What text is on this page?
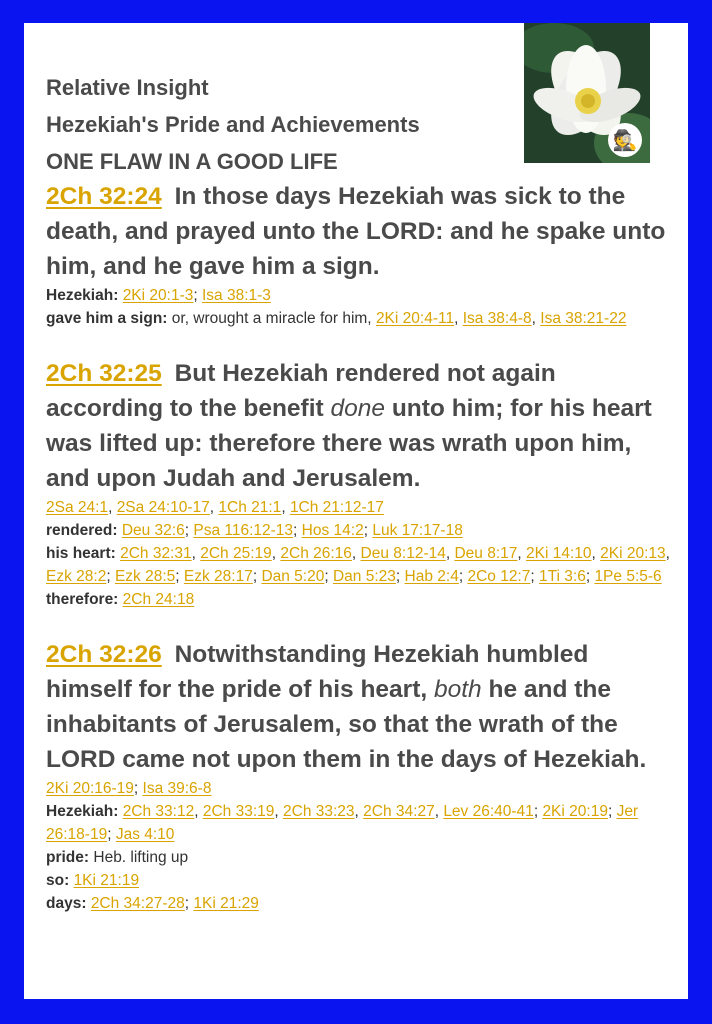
🕵
Relative Insight
Hezekiah's Pride and Achievements
ONE FLAW IN A GOOD LIFE

2Ch 32:24 In those days Hezekiah was sick to the death, and prayed unto the LORD: and he spake unto him, and he gave him a sign.

Hezekiah: 2Ki 20:1-3; Isa 38:1-3

gave him a sign: or, wrought a miracle for him, 2Ki 20:4-11, Isa 38:4-8, Isa 38:21-22

2Ch 32:25 But Hezekiah rendered not again according to the benefit done unto him; for his heart was lifted up: therefore there was wrath upon him, and upon Judah and Jerusalem.

2Sa 24:1, 2Sa 24:10-17, 1Ch 21:1, 1Ch 21:12-17

rendered: Deu 32:6; Psa 116:12-13; Hos 14:2; Luk 17:17-18

his heart: 2Ch 32:31, 2Ch 25:19, 2Ch 26:16, Deu 8:12-14, Deu 8:17, 2Ki 14:10, 2Ki 20:13, Ezk 28:2; Ezk 28:5; Ezk 28:17; Dan 5:20; Dan 5:23; Hab 2:4; 2Co 12:7; 1Ti 3:6; 1Pe 5:5-6

therefore: 2Ch 24:18

2Ch 32:26 Notwithstanding Hezekiah humbled himself for the pride of his heart, both he and the inhabitants of Jerusalem, so that the wrath of the LORD came not upon them in the days of Hezekiah.

2Ki 20:16-19; Isa 39:6-8

Hezekiah: 2Ch 33:12, 2Ch 33:19, 2Ch 33:23, 2Ch 34:27, Lev 26:40-41; 2Ki 20:19; Jer 26:18-19; Jas 4:10

pride: Heb. lifting up

so: 1Ki 21:19

days: 2Ch 34:27-28; 1Ki 21:29
